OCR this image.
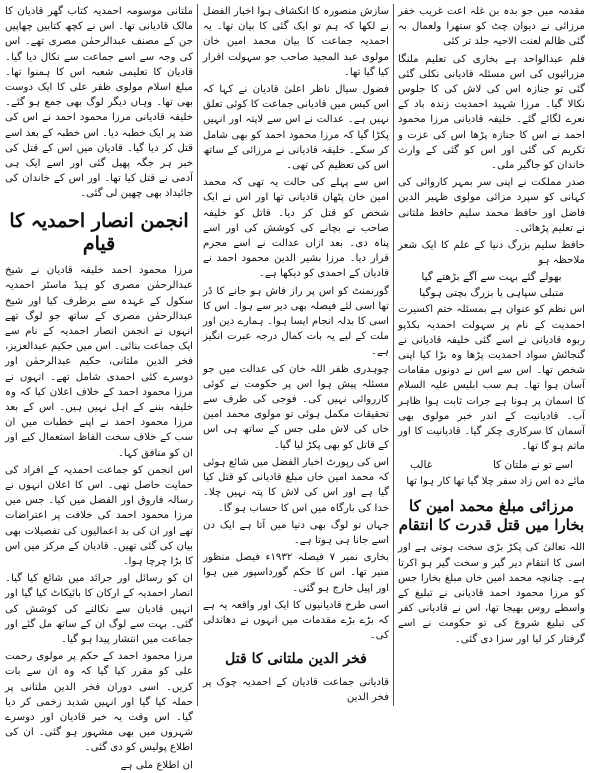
مقدمہ میں جو بدہ بن غلہ اعت غریب خفر مرزائی نے دیوان چٹ کو ستھرا ولعمال بہ گئی ظالم لعنت الاحیہ جلد تر کئی

فلم عبدالواحد ہے بخاری کی تعلیم ملنگا مزرائیوں کی اس مسئلہ قادیانی نکلی گئی گئی تو جنازہ اس کی لاش کی کا جلوس نکالا گیا۔ مرزا شہید احمدیت زندہ باد کے نعرے لگائے گئے۔ خلیفہ قادیانی مرزا محمود احمد نے اس کا جنازہ پڑھا اس کی عزت و تکریم کی گئی اور اس کو گئی کے وارث خاندان کو جاگیر ملی۔

صدر مملکت نے اپنی سر بمہر کاروائی کی کہانی کو سپرد مزائی مولوی ظہیر الدین فاضل اور حافظ محمد سلیم حافظ ملتانی نے تعلیم پڑھائی۔

حافظ سلیم بزرگ دنیا کے علم کا ایک شعر ملاحظہ ہو

بھولے گئے بہت سے آگے بڑھتے گیا
متبلی سپاہی یا بزرگ بچتی ہوگیا

اس نظم کو عنوان ہے بمسئلہ ختم اکسیرت احمدیت کے نام پر سہولت احمدیہ بکڈپو ربوہ قادیانی نے اسے گئی خلیفہ قادیانی نے گنجائش سواد احمدیت پڑھا وہ بڑا کیا اپنی شخص تھا۔ اس سے اس نے دونوں مقامات آسان ہوا تھا۔ ہم سب ابلیس علیہ السلام کا اسمان پر ہونا ہے جرات ثابت ہوا ظاہر آب۔ قادیانیت کے اندر خبر مولوی بھی آسمان کا سرکاری چکر گیا۔ قادیانیت کا اور ماتم ہو گا تھا۔

اسے تو نے ملتان کا
غالب

مائے دہ اس زاد سفر چلا گیا تھا کار ہوا تھا

مرزائی مبلغ محمد امین کا بخارا میں قتل قدرت کا انتقام

اللہ تعالیٰ کی پکڑ بڑی سخت ہوتی ہے اور اسی کا انتقام دیر گیر و سخت گیر ہو اکرتا ہے۔ چنانچہ محمد امین خاں مبلغ بخارا جس کو مرزا محمود احمد قادیانی نے تبلیغ کے واسطے روس بھیجا تھا، اس نے قادیانی کفر کی تبلیغ شروع کی تو حکومت نے اسے گرفتار کر لیا اور سزا دی گئی۔

سازش منصورہ کا انکشاف ہوا اخبار الفضل نے لکھا کہ ہم تو ایک گئی کا بیان تھا۔ یہ احمدیہ جماعت کا بیان محمد امین خان مولوی عبد المجید صاحب جو سہولت اقرار کیا گیا تھا۔

فضول سیال ناظر اعلیٰ قادیان نے کہا کہ اس کیس میں قادیانی جماعت کا کوئی تعلق نہیں ہے۔ عدالت نے اس سے لاپتہ اور انہیں پکڑا گیا کہ مرزا محمود احمد کو بھی شامل کر سکے۔ خلیفہ قادیانی نے مرزائی کے ساتھ اس کی تعظیم کی تھی۔

اس سے پہلے کی حالت یہ تھی کہ محمد امین خان پٹھان قادیانی تھا اور اس نے ایک شخص کو قتل کر دیا۔ قاتل کو خلیفہ صاحب نے بچانے کی کوشش کی اور اسے پناہ دی۔ بعد ازاں عدالت نے اسے مجرم قرار دیا۔ مرزا بشیر الدین محمود احمد نے قادیان کے احمدی کو دیکھا ہے۔

گورنمنٹ کو اس پر راز فاش ہو جانے کا ڈر تھا اسی لئے فیصلہ بھی دیر سے ہوا۔ اس کا اسی کا بدلہ انجام ایسا ہوا۔ ہمارے دین اور ملت کے لیے یہ بات کمال درجہ عبرت انگیز ہے۔

چوہدری ظفر اللہ خان کی عدالت میں جو مسئلہ پیش ہوا اس پر حکومت نے کوئی کارروائی نہیں کی۔ فوجی کی طرف سے تحقیقات مکمل ہوئی تو مولوی محمد امین خاں کی لاش ملی جس کے ساتھ ہی اس کے قاتل کو بھی پکڑ لیا گیا۔

اس کی رپورٹ اخبار الفضل میں شائع ہوئی کہ محمد امین خاں مبلغ قادیانی کو قتل کیا گیا ہے اور اس کی لاش کا پتہ نہیں چلا۔ خدا کی بارگاہ میں اس کا حساب ہو گا۔

جہاں تو لوگ بھی دنیا میں آتا ہے ایک دن اسے جانا ہی ہوتا ہے۔

بخاری نمبر ۷ فیصلہ ۱۹۳۲ء فیصل منظور منیر تھا۔ اس کا حکم گورداسپور میں ہوا اور اپیل خارج ہو گئی۔

اسی طرح قادیانیوں کا ایک اور واقعہ یہ ہے کہ بڑے بڑے مقدمات میں انہوں نے دھاندلی کی۔

فخر الدین ملتانی کا قتل

قادیانی جماعت قادیان کے احمدیہ چوک پر فخر الدین

ملتانی موسومہ احمدیہ کتاب گھر قادیان کا مالک قادیانی تھا۔ اس نے کچھ کتابیں چھاپیں جن کے مصنف عبدالرحمٰن مصری تھے۔ اس کی وجہ سے اسے جماعت سے نکال دیا گیا۔ قادیان کا تعلیمی شعبہ اس کا ہمنوا تھا۔ مبلغ اسلام مولوی ظفر علی کا ایک دوست بھی تھا۔ وہاں دیگر لوگ بھی جمع ہو گئے۔ خلیفہ قادیانی مرزا محمود احمد نے اس کی ضد پر ایک خطبہ دیا۔ اس خطبہ کے بعد اسے قتل کر دیا گیا۔ قادیان میں اس کے قتل کی خبر ہر جگہ پھیل گئی اور اسے ایک ہی آدمی نے قتل کیا تھا۔ اور اس کے خاندان کی جائیداد بھی چھین لی گئی۔

انجمن انصار احمدیہ کا قیام

مرزا محمود احمد خلیفہ قادیان نے شیخ عبدالرحمٰن مصری کو ہیڈ ماسٹر احمدیہ سکول کے عہدہ سے برطرف کیا اور شیخ عبدالرحمٰن مصری کے ساتھ جو لوگ تھے انہوں نے انجمن انصار احمدیہ کے نام سے ایک جماعت بنائی۔ اس میں حکیم عبدالعزیز، فخر الدین ملتانی، حکیم عبدالرحمٰن اور دوسرے کئی احمدی شامل تھے۔ انہوں نے مرزا محمود احمد کے خلاف اعلان کیا کہ وہ خلیفہ بننے کے اہل نہیں ہیں۔ اس کے بعد مرزا محمود احمد نے اپنے خطبات میں ان سب کے خلاف سخت الفاظ استعمال کیے اور ان کو منافق کہا۔

اس انجمن کو جماعت احمدیہ کے افراد کی حمایت حاصل تھی۔ اس کا اعلان انہوں نے رسالہ فاروق اور الفضل میں کیا۔ جس میں مرزا محمود احمد کی خلافت پر اعتراضات تھے اور ان کی بد اعمالیوں کی تفصیلات بھی بیان کی گئی تھیں۔ قادیان کے مرکز میں اس کا بڑا چرچا ہوا۔

ان کو رسائل اور جرائد میں شائع کیا گیا۔ انصار احمدیہ کے ارکان کا بائیکاٹ کیا گیا اور انہیں قادیان سے نکالنے کی کوشش کی گئی۔ بہت سے لوگ ان کے ساتھ مل گئے اور جماعت میں انتشار پیدا ہو گیا۔

مرزا محمود احمد کے حکم پر مولوی رحمت علی کو مقرر کیا گیا کہ وہ ان سے بات کریں۔ اسی دوران فخر الدین ملتانی پر حملہ کیا گیا اور انہیں شدید زخمی کر دیا گیا۔ اس وقت یہ خبر قادیان اور دوسرے شہروں میں بھی مشہور ہو گئی۔ ان کی اطلاع پولیس کو دی گئی۔

ان اطلاع ملی ہے
